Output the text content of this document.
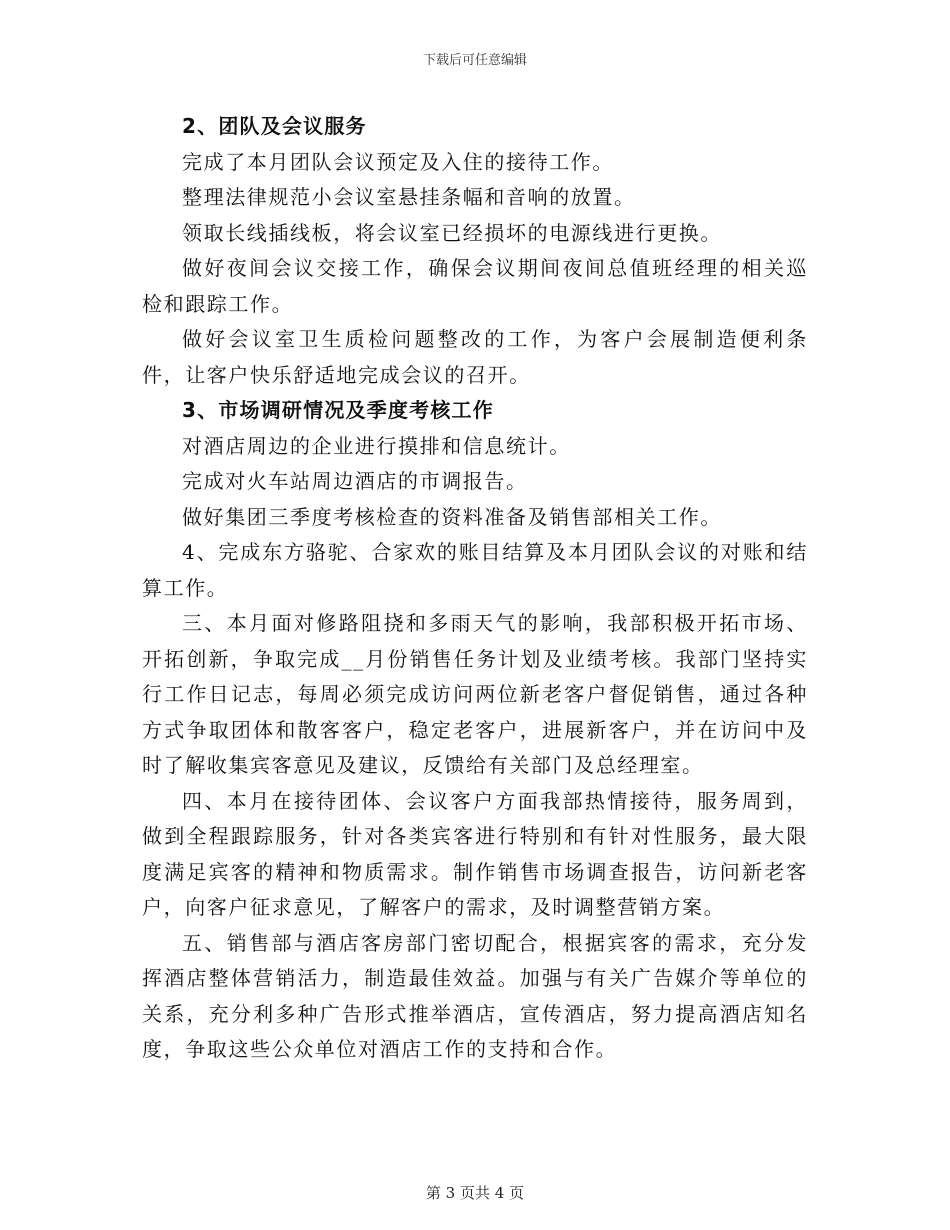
下载后可任意编辑

2、团队及会议服务

完成了本月团队会议预定及入住的接待工作。

整理法律规范小会议室悬挂条幅和音响的放置。

领取长线插线板，将会议室已经损坏的电源线进行更换。

做好夜间会议交接工作，确保会议期间夜间总值班经理的相关巡检和跟踪工作。

做好会议室卫生质检问题整改的工作，为客户会展制造便利条件，让客户快乐舒适地完成会议的召开。

3、市场调研情况及季度考核工作

对酒店周边的企业进行摸排和信息统计。

完成对火车站周边酒店的市调报告。

做好集团三季度考核检查的资料准备及销售部相关工作。

4、完成东方骆驼、合家欢的账目结算及本月团队会议的对账和结算工作。

三、本月面对修路阻挠和多雨天气的影响，我部积极开拓市场、开拓创新，争取完成__月份销售任务计划及业绩考核。我部门坚持实行工作日记志，每周必须完成访问两位新老客户督促销售，通过各种方式争取团体和散客客户，稳定老客户，进展新客户，并在访问中及时了解收集宾客意见及建议，反馈给有关部门及总经理室。

四、本月在接待团体、会议客户方面我部热情接待，服务周到，做到全程跟踪服务，针对各类宾客进行特别和有针对性服务，最大限度满足宾客的精神和物质需求。制作销售市场调查报告，访问新老客户，向客户征求意见，了解客户的需求，及时调整营销方案。

五、销售部与酒店客房部门密切配合，根据宾客的需求，充分发挥酒店整体营销活力，制造最佳效益。加强与有关广告媒介等单位的关系，充分利多种广告形式推举酒店，宣传酒店，努力提高酒店知名度，争取这些公众单位对酒店工作的支持和合作。

第 3 页共 4 页
